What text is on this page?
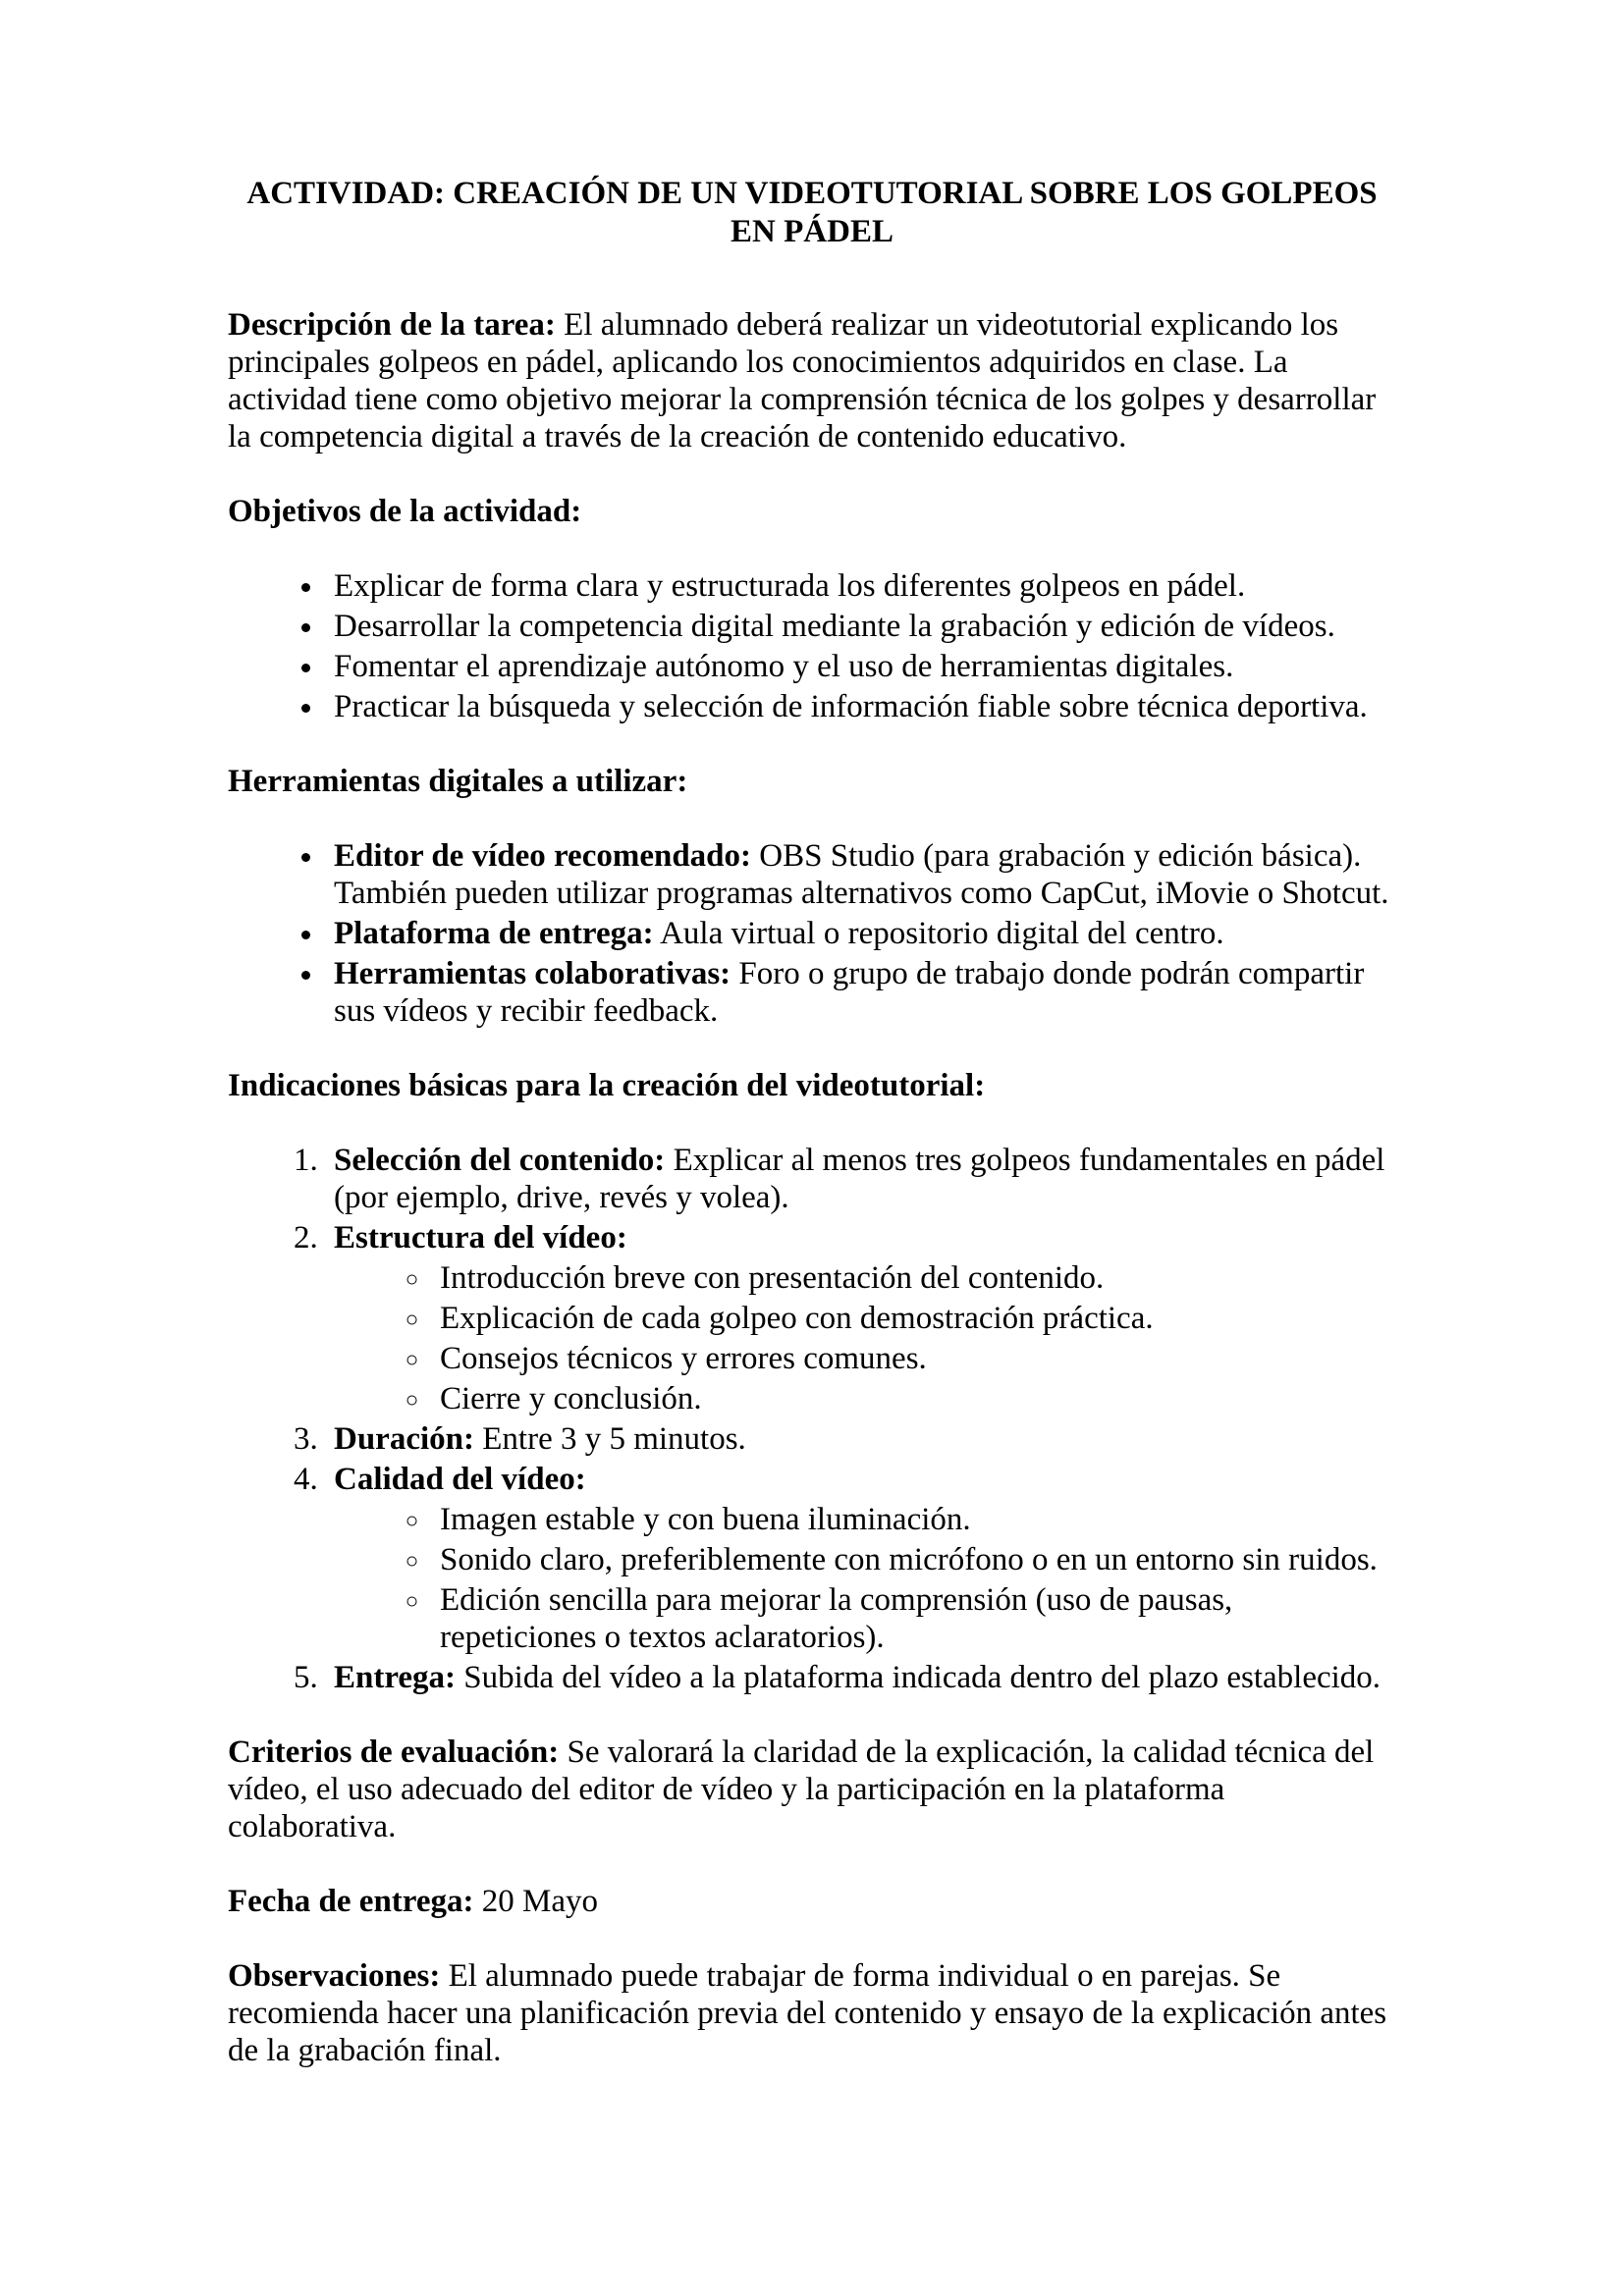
ACTIVIDAD: CREACIÓN DE UN VIDEOTUTORIAL SOBRE LOS GOLPEOS
EN PÁDEL

Descripción de la tarea: El alumnado deberá realizar un videotutorial explicando los principales golpeos en pádel, aplicando los conocimientos adquiridos en clase. La actividad tiene como objetivo mejorar la comprensión técnica de los golpes y desarrollar la competencia digital a través de la creación de contenido educativo.

Objetivos de la actividad:
• Explicar de forma clara y estructurada los diferentes golpeos en pádel.
• Desarrollar la competencia digital mediante la grabación y edición de vídeos.
• Fomentar el aprendizaje autónomo y el uso de herramientas digitales.
• Practicar la búsqueda y selección de información fiable sobre técnica deportiva.
Herramientas digitales a utilizar:
• Editor de vídeo recomendado: OBS Studio (para grabación y edición básica). También pueden utilizar programas alternativos como CapCut, iMovie o Shotcut.
• Plataforma de entrega: Aula virtual o repositorio digital del centro.
• Herramientas colaborativas: Foro o grupo de trabajo donde podrán compartir sus vídeos y recibir feedback.
Indicaciones básicas para la creación del videotutorial:
1. Selección del contenido: Explicar al menos tres golpeos fundamentales en pádel (por ejemplo, drive, revés y volea).
2. Estructura del vídeo:
◦ Introducción breve con presentación del contenido.
◦ Explicación de cada golpeo con demostración práctica.
◦ Consejos técnicos y errores comunes.
◦ Cierre y conclusión.
3. Duración: Entre 3 y 5 minutos.
4. Calidad del vídeo:
◦ Imagen estable y con buena iluminación.
◦ Sonido claro, preferiblemente con micrófono o en un entorno sin ruidos.
◦ Edición sencilla para mejorar la comprensión (uso de pausas, repeticiones o textos aclaratorios).
5. Entrega: Subida del vídeo a la plataforma indicada dentro del plazo establecido.

Criterios de evaluación: Se valorará la claridad de la explicación, la calidad técnica del vídeo, el uso adecuado del editor de vídeo y la participación en la plataforma colaborativa.

Fecha de entrega: 20 Mayo

Observaciones: El alumnado puede trabajar de forma individual o en parejas. Se recomienda hacer una planificación previa del contenido y ensayo de la explicación antes de la grabación final.
